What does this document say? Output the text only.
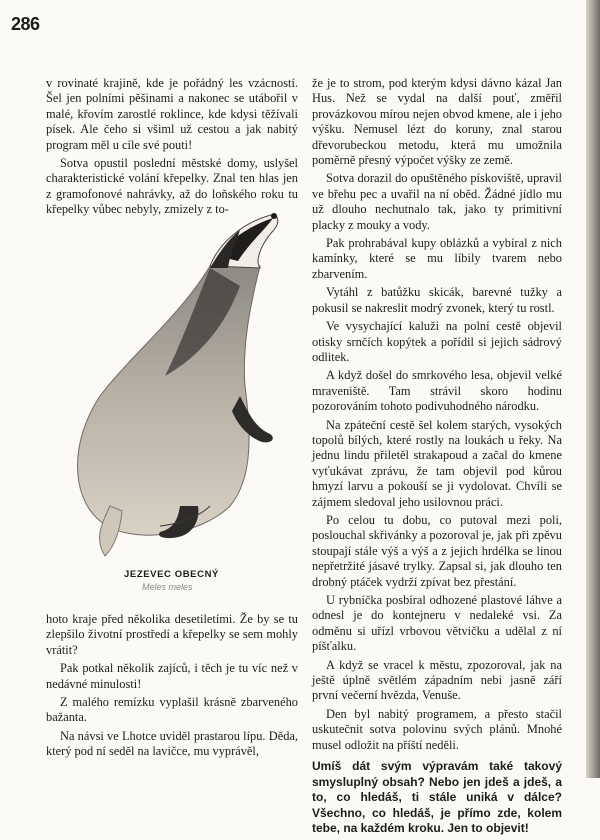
286

v rovinaté krajině, kde je pořádný les vzácností. Šel jen polními pěšinami a nakonec se utábořil v malé, křovím zarostlé roklince, kde kdysi těžívali písek. Ale čeho si všiml už cestou a jak nabitý program měl u cíle své pouti!

Sotva opustil poslední městské domy, uslyšel charakteristické volání křepelky. Znal ten hlas jen z gramofonové nahrávky, až do loňského roku tu křepelky vůbec nebyly, zmizely z to-

JEZEVEC OBECNÝ
Meles meles

hoto kraje před několika desetiletími. Že by se tu zlepšilo životní prostředí a křepelky se sem mohly vrátit?

Pak potkal několik zajíců, i těch je tu víc než v nedávné minulosti!

Z malého remízku vyplašil krásně zbarveného bažanta.

Na návsi ve Lhotce uviděl prastarou lípu. Děda, který pod ní seděl na lavičce, mu vyprávěl,

že je to strom, pod kterým kdysi dávno kázal Jan Hus. Než se vydal na další pouť, změřil provázkovou mírou nejen obvod kmene, ale i jeho výšku. Nemusel lézt do koruny, znal starou dřevorubeckou metodu, která mu umožnila poměrně přesný výpočet výšky ze země.

Sotva dorazil do opuštěného pískoviště, upravil ve břehu pec a uvařil na ní oběd. Žádné jídlo mu už dlouho nechutnalo tak, jako ty primitivní placky z mouky a vody.

Pak prohrabával kupy oblázků a vybíral z nich kamínky, které se mu líbily tvarem nebo zbarvením.

Vytáhl z batůžku skicák, barevné tužky a pokusil se nakreslit modrý zvonek, který tu rostl.

Ve vysychající kaluži na polní cestě objevil otisky srnčích kopýtek a pořídil si jejich sádrový odlitek.

A když došel do smrkového lesa, objevil velké mraveniště. Tam strávil skoro hodinu pozorováním tohoto podivuhodného národku.

Na zpáteční cestě šel kolem starých, vysokých topolů bílých, které rostly na loukách u řeky. Na jednu lindu přiletěl strakapoud a začal do kmene vyťukávat zprávu, že tam objevil pod kůrou hmyzí larvu a pokouší se ji vydolovat. Chvíli se zájmem sledoval jeho usilovnou práci.

Po celou tu dobu, co putoval mezi poli, poslouchal skřivánky a pozoroval je, jak při zpěvu stoupají stále výš a výš a z jejich hrdélka se linou nepřetržité jásavé trylky. Zapsal si, jak dlouho ten drobný ptáček vydrží zpívat bez přestání.

U rybníčka posbíral odhozené plastové láhve a odnesl je do kontejneru v nedaleké vsi. Za odměnu si uřízl vrbovou větvičku a udělal z ní píšťalku.

A když se vracel k městu, zpozoroval, jak na ještě úplně světlém západním nebi jasně září první večerní hvězda, Venuše.

Den byl nabitý programem, a přesto stačil uskutečnit sotva polovinu svých plánů. Mnohé musel odložit na příští neděli.

Umíš dát svým výpravám také takový smysluplný obsah? Nebo jen jdeš a jdeš, a to, co hledáš, ti stále uniká v dálce? Všechno, co hledáš, je přímo zde, kolem tebe, na každém kroku. Jen to objevit!
